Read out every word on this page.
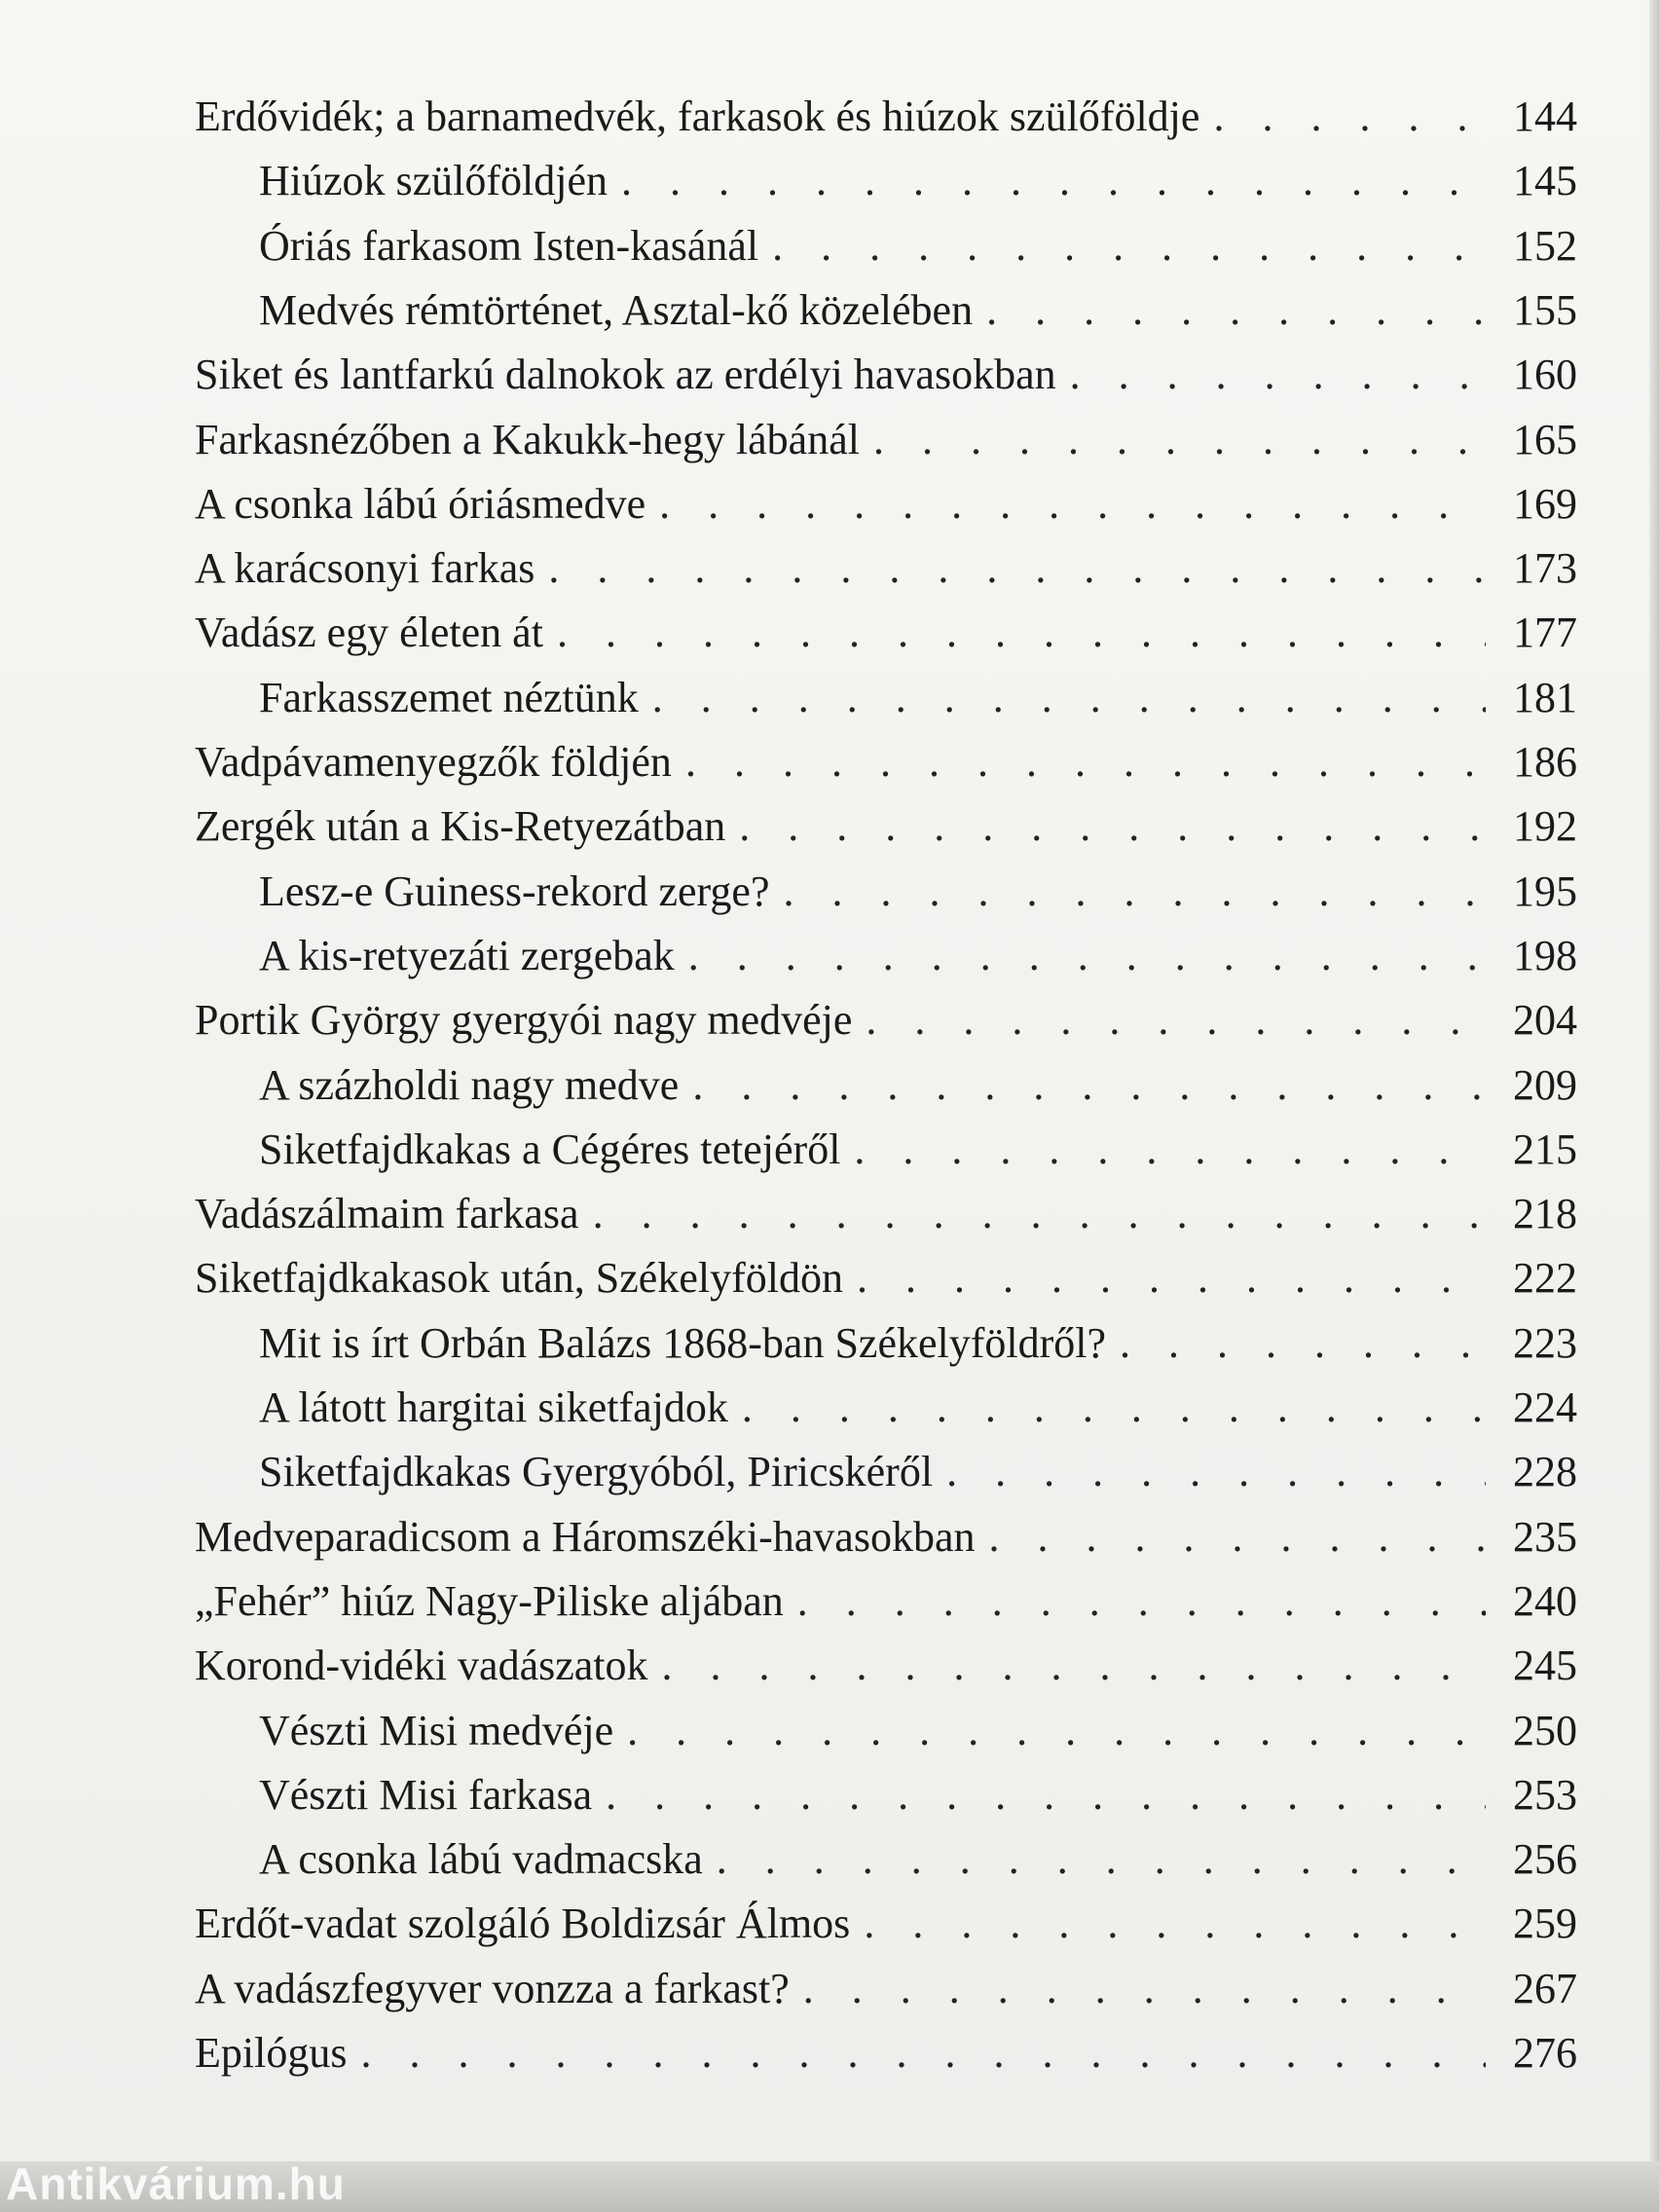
Erdővidék; a barnamedvék, farkasok és hiúzok szülőföldje . . .	144
Hiúzok szülőföldjén . . .	145
Óriás farkasom Isten-kasánál . . .	152
Medvés rémtörténet, Asztal-kő közelében . . .	155
Siket és lantfarkú dalnokok az erdélyi havasokban . . .	160
Farkasnézőben a Kakukk-hegy lábánál . . .	165
A csonka lábú óriásmedve . . .	169
A karácsonyi farkas . . .	173
Vadász egy életen át . . .	177
Farkasszemet néztünk . . .	181
Vadpávamenyegzők földjén . . .	186
Zergék után a Kis-Retyezátban . . .	192
Lesz-e Guiness-rekord zerge? . . .	195
A kis-retyezáti zergebak . . .	198
Portik György gyergyói nagy medvéje . . .	204
A százholdi nagy medve . . .	209
Siketfajdkakas a Cégéres tetejéről . . .	215
Vadászálmaim farkasa . . .	218
Siketfajdkakasok után, Székelyföldön . . .	222
Mit is írt Orbán Balázs 1868-ban Székelyföldről? . . .	223
A látott hargitai siketfajdok . . .	224
Siketfajdkakas Gyergyóból, Piricskéről . . .	228
Medveparadicsom a Háromszéki-havasokban . . .	235
„Fehér” hiúz Nagy-Piliske aljában . . .	240
Korond-vidéki vadászatok . . .	245
Vészti Misi medvéje . . .	250
Vészti Misi farkasa . . .	253
A csonka lábú vadmacska . . .	256
Erdőt-vadat szolgáló Boldizsár Álmos . . .	259
A vadászfegyver vonzza a farkast? . . .	267
Epilógus . . .	276
Antikvárium.hu
